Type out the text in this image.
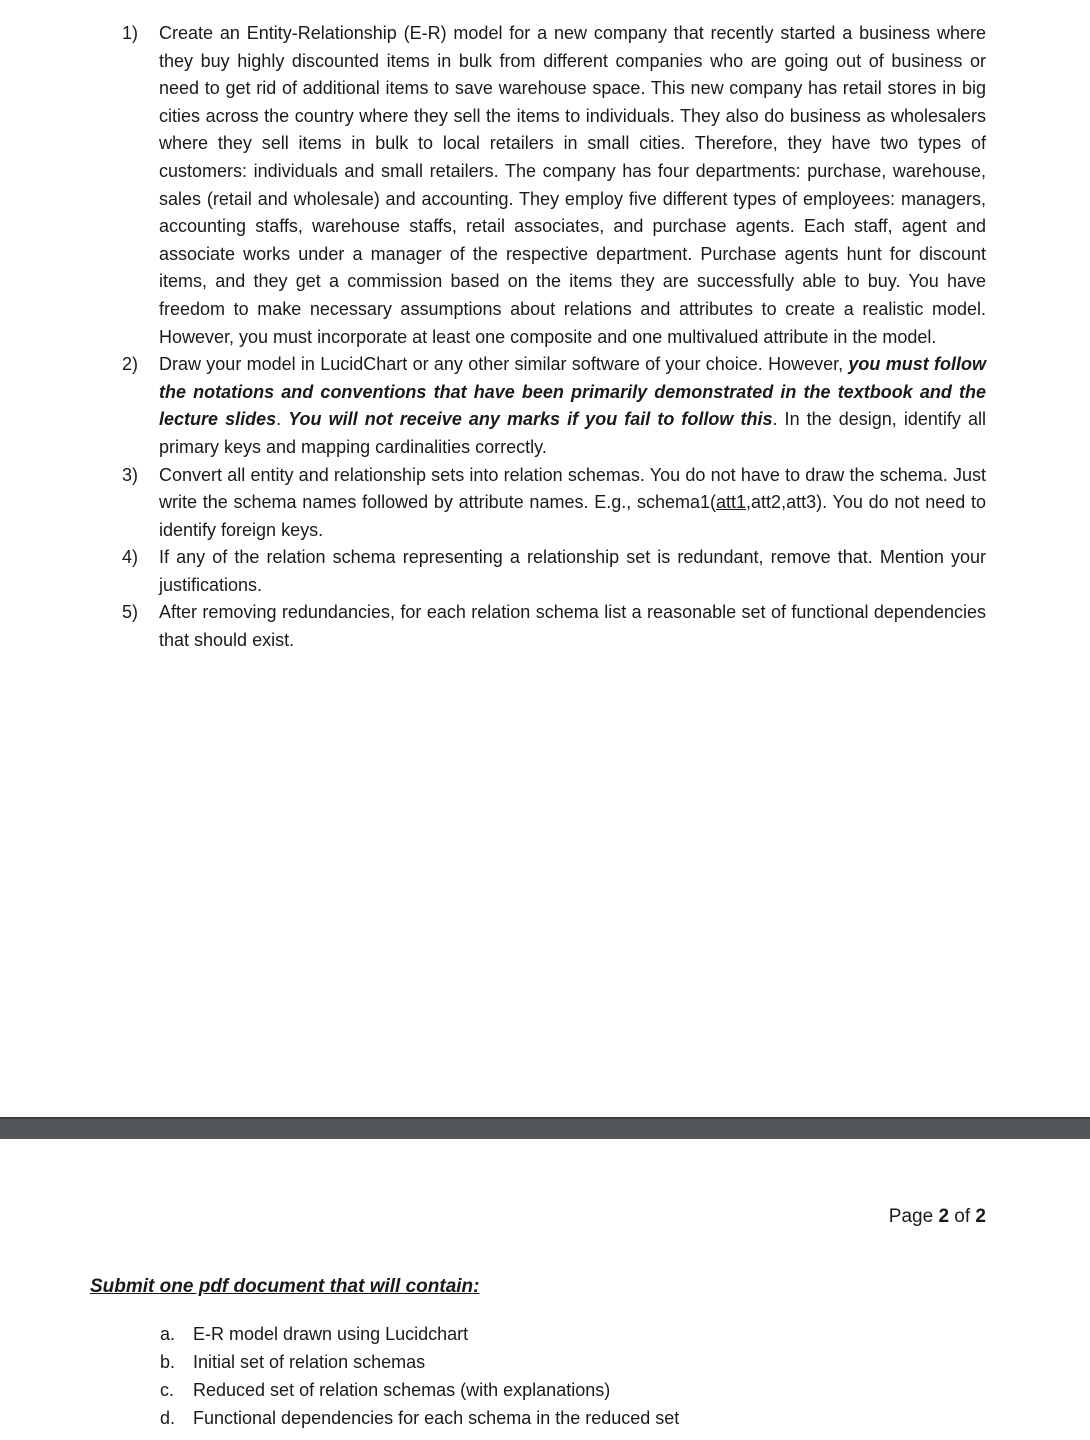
1)	Create an Entity-Relationship (E-R) model for a new company that recently started a business where they buy highly discounted items in bulk from different companies who are going out of business or need to get rid of additional items to save warehouse space. This new company has retail stores in big cities across the country where they sell the items to individuals. They also do business as wholesalers where they sell items in bulk to local retailers in small cities. Therefore, they have two types of customers: individuals and small retailers. The company has four departments: purchase, warehouse, sales (retail and wholesale) and accounting. They employ five different types of employees: managers, accounting staffs, warehouse staffs, retail associates, and purchase agents. Each staff, agent and associate works under a manager of the respective department. Purchase agents hunt for discount items, and they get a commission based on the items they are successfully able to buy. You have freedom to make necessary assumptions about relations and attributes to create a realistic model. However, you must incorporate at least one composite and one multivalued attribute in the model.
2)	Draw your model in LucidChart or any other similar software of your choice. However, you must follow the notations and conventions that have been primarily demonstrated in the textbook and the lecture slides. You will not receive any marks if you fail to follow this. In the design, identify all primary keys and mapping cardinalities correctly.
3)	Convert all entity and relationship sets into relation schemas. You do not have to draw the schema. Just write the schema names followed by attribute names. E.g., schema1(att1,att2,att3). You do not need to identify foreign keys.
4)	If any of the relation schema representing a relationship set is redundant, remove that. Mention your justifications.
5)	After removing redundancies, for each relation schema list a reasonable set of functional dependencies that should exist.
Page 2 of 2
Submit one pdf document that will contain:
a. E-R model drawn using Lucidchart
b. Initial set of relation schemas
c.	Reduced set of relation schemas (with explanations)
d. Functional dependencies for each schema in the reduced set
